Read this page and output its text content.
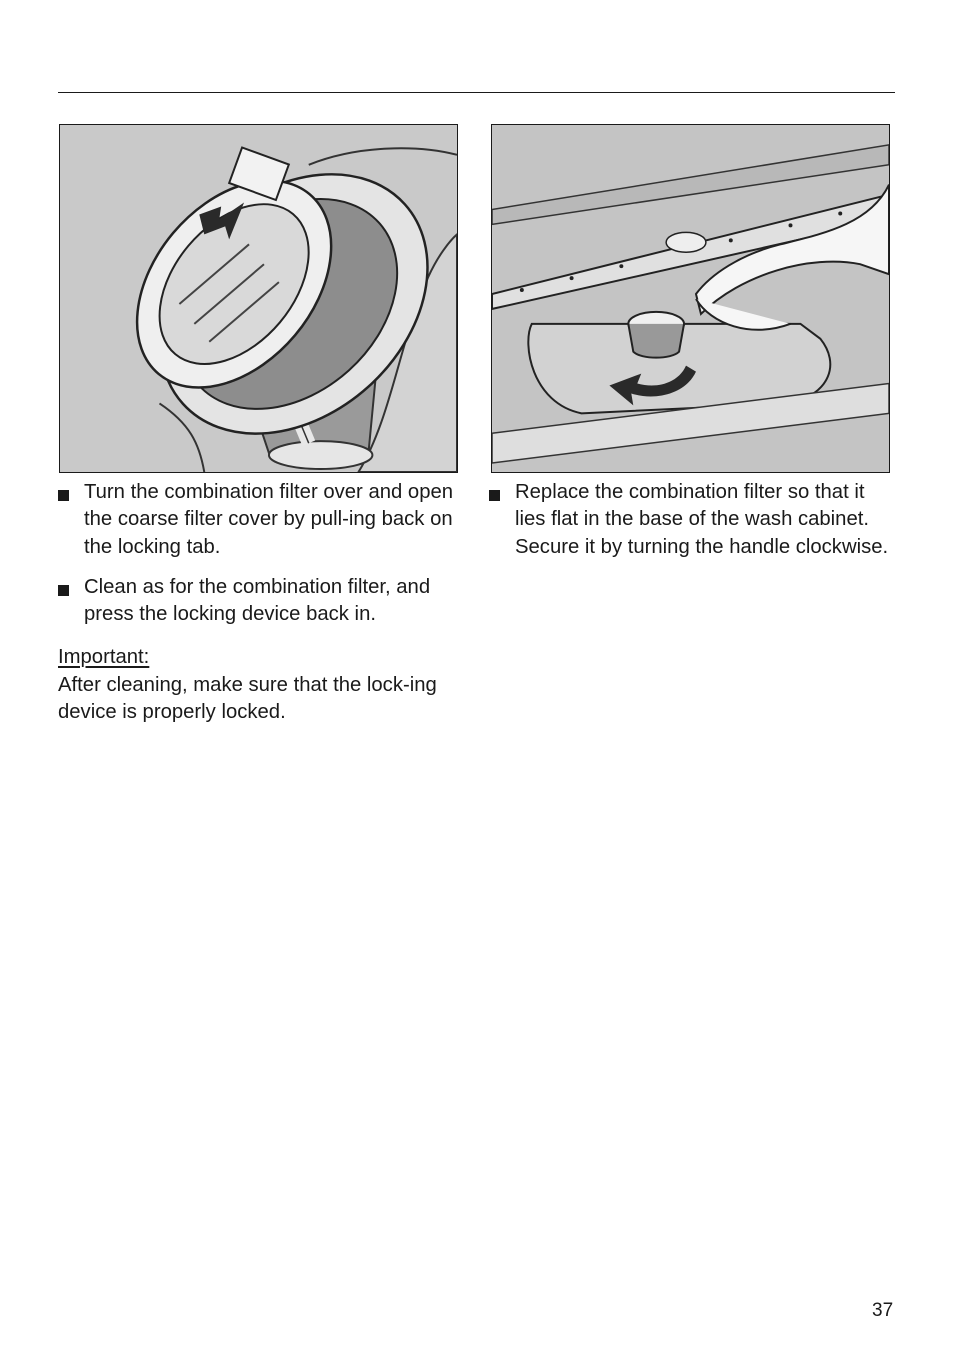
Turn the combination filter over and open the coarse filter cover by pull-ing back on the locking tab.
Clean as for the combination filter, and press the locking device back in.
Important:
After cleaning, make sure that the lock-ing device is properly locked.
Replace the combination filter so that it lies flat in the base of the wash cabinet. Secure it by turning the handle clockwise.
37
